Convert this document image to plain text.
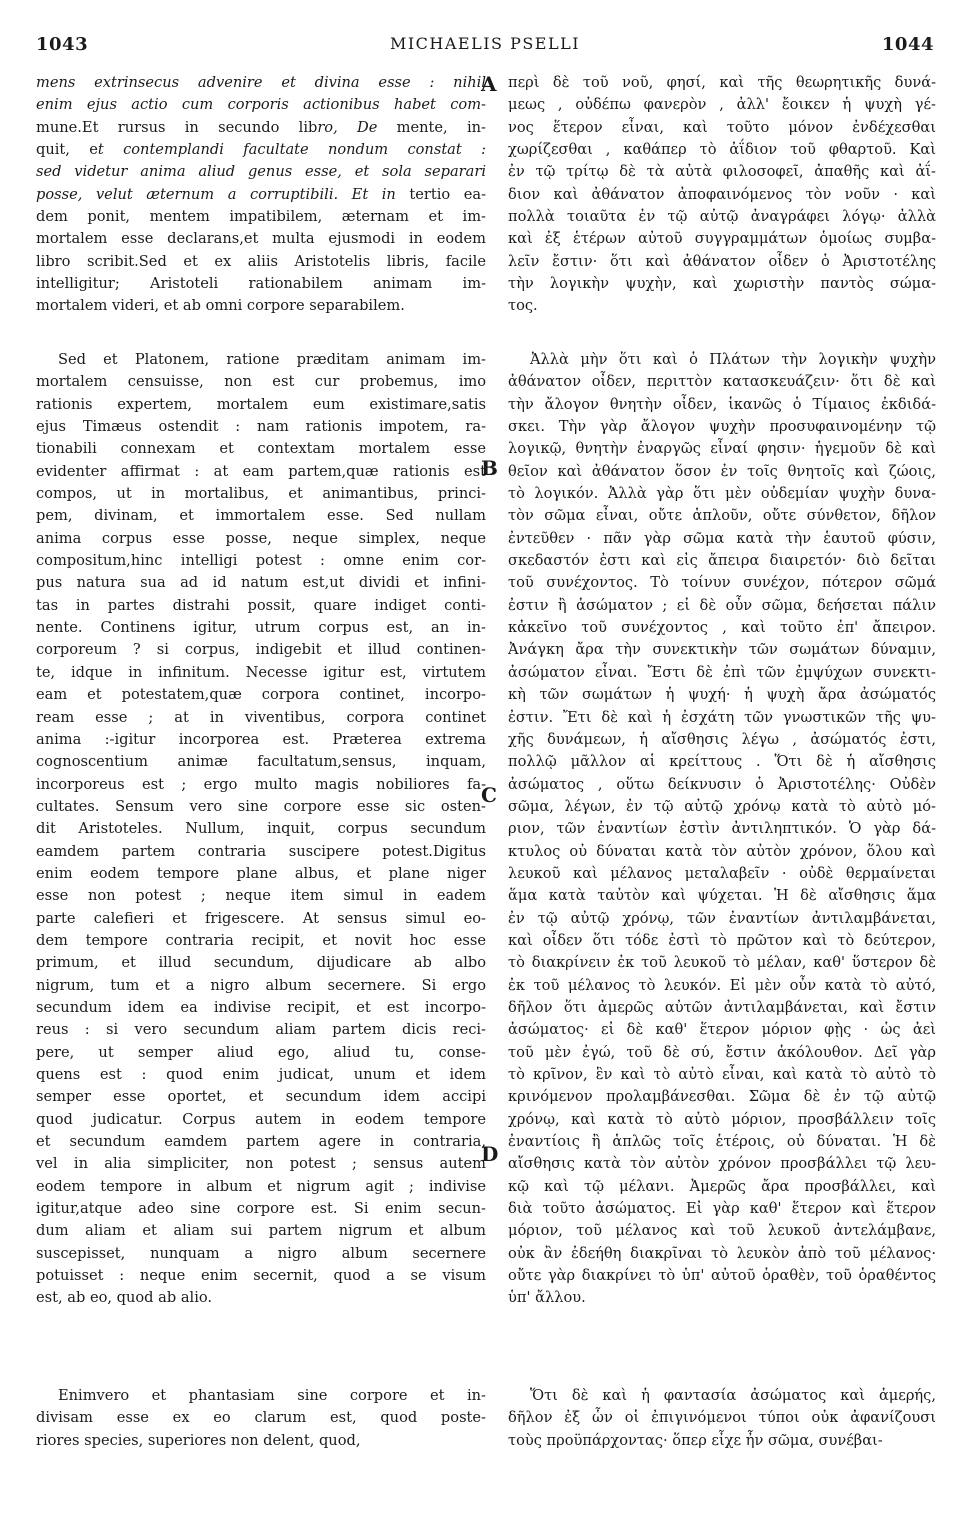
1043	MICHAELIS PSELLI	1044
A
B
C
D
mens extrinsecus advenire et divina esse : nihil
enim ejus actio cum corporis actionibus habet com-
mune.Et rursus in secundo libro, De mente, in-
quit, et contemplandi facultate nondum constat :
sed videtur anima aliud genus esse, et sola separari
posse, velut æternum a corruptibili. Et in tertio ea-
dem ponit, mentem impatibilem, æternam et im-
mortalem esse declarans,et multa ejusmodi in eodem
libro scribit.Sed et ex aliis Aristotelis libris, facile
intelligitur; Aristoteli rationabilem animam im-
mortalem videri, et ab omni corpore separabilem.
περὶ δὲ τοῦ νοῦ, φησί, καὶ τῆς θεωρητικῆς δυνά-
μεως , οὐδέπω φανερὸν , ἀλλ' ἔοικεν ἡ ψυχὴ γέ-
νος ἕτερον εἶναι, καὶ τοῦτο μόνον ἐνδέχεσθαι
χωρίζεσθαι , καθάπερ τὸ ἀΐδιον τοῦ φθαρτοῦ. Καὶ
ἐν τῷ τρίτῳ δὲ τὰ αὐτὰ φιλοσοφεῖ, ἀπαθῆς καὶ ἀΐ-
διον καὶ ἀθάνατον ἀποφαινόμενος τὸν νοῦν · καὶ
πολλὰ τοιαῦτα ἐν τῷ αὐτῷ ἀναγράφει λόγῳ· ἀλλὰ
καὶ ἐξ ἑτέρων αὐτοῦ συγγραμμάτων ὁμοίως συμβα-
λεῖν ἔστιν· ὅτι καὶ ἀθάνατον οἶδεν ὁ Ἀριστοτέλης
τὴν λογικὴν ψυχὴν, καὶ χωριστὴν παντὸς σώμα-
τος.
Sed et Platonem, ratione præditam animam im-
mortalem censuisse, non est cur probemus, imo
rationis expertem, mortalem eum existimare,satis
ejus Timæus ostendit : nam rationis impotem, ra-
tionabili connexam et contextam mortalem esse
evidenter affirmat : at eam partem,quæ rationis est
compos, ut in mortalibus, et animantibus, princi-
pem, divinam, et immortalem esse. Sed nullam
anima corpus esse posse, neque simplex, neque
compositum,hinc intelligi potest : omne enim cor-
pus natura sua ad id natum est,ut dividi et infini-
tas in partes distrahi possit, quare indiget conti-
nente. Continens igitur, utrum corpus est, an in-
corporeum ? si corpus, indigebit et illud continen-
te, idque in infinitum. Necesse igitur est, virtutem
eam et potestatem,quæ corpora continet, incorpo-
ream esse ; at in viventibus, corpora continet
anima :-igitur incorporea est. Præterea extrema
cognoscentium animæ facultatum,sensus, inquam,
incorporeus est ; ergo multo magis nobiliores fa-
cultates. Sensum vero sine corpore esse sic osten-
dit Aristoteles. Nullum, inquit, corpus secundum
eamdem partem contraria suscipere potest.Digitus
enim eodem tempore plane albus, et plane niger
esse non potest ; neque item simul in eadem
parte calefieri et frigescere. At sensus simul eo-
dem tempore contraria recipit, et novit hoc esse
primum, et illud secundum, dijudicare ab albo
nigrum, tum et a nigro album secernere. Si ergo
secundum idem ea indivise recipit, et est incorpo-
reus : si vero secundum aliam partem dicis reci-
pere, ut semper aliud ego, aliud tu, conse-
quens est : quod enim judicat, unum et idem
semper esse oportet, et secundum idem accipi
quod judicatur. Corpus autem in eodem tempore
et secundum eamdem partem agere in contraria,
vel in alia simpliciter, non potest ; sensus autem
eodem tempore in album et nigrum agit ; indivise
igitur,atque adeo sine corpore est. Si enim secun-
dum aliam et aliam sui partem nigrum et album
suscepisset, nunquam a nigro album secernere
potuisset : neque enim secernit, quod a se visum
est, ab eo, quod ab alio.
Ἀλλὰ μὴν ὅτι καὶ ὁ Πλάτων τὴν λογικὴν ψυχὴν
ἀθάνατον οἶδεν, περιττὸν κατασκευάζειν· ὅτι δὲ καὶ
τὴν ἄλογον θνητὴν οἶδεν, ἱκανῶς ὁ Τίμαιος ἐκδιδά-
σκει. Τὴν γὰρ ἄλογον ψυχὴν προσυφαινομένην τῷ
λογικῷ, θνητὴν ἐναργῶς εἶναί φησιν· ἡγεμοῦν δὲ καὶ
θεῖον καὶ ἀθάνατον ὅσον ἐν τοῖς θνητοῖς καὶ ζώοις,
τὸ λογικόν. Ἀλλὰ γὰρ ὅτι μὲν οὐδεμίαν ψυχὴν δυνα-
τὸν σῶμα εἶναι, οὔτε ἁπλοῦν, οὔτε σύνθετον, δῆλον
ἐντεῦθεν · πᾶν γὰρ σῶμα κατὰ τὴν ἑαυτοῦ φύσιν,
σκεδαστόν ἐστι καὶ εἰς ἄπειρα διαιρετόν· διὸ δεῖται
τοῦ συνέχοντος. Τὸ τοίνυν συνέχον, πότερον σῶμά
ἐστιν ἢ ἀσώματον ; εἰ δὲ οὖν σῶμα, δεήσεται πάλιν
κἀκεῖνο τοῦ συνέχοντος , καὶ τοῦτο ἐπ' ἄπειρον.
Ἀνάγκη ἄρα τὴν συνεκτικὴν τῶν σωμάτων δύναμιν,
ἀσώματον εἶναι. Ἔστι δὲ ἐπὶ τῶν ἐμψύχων συνεκτι-
κὴ τῶν σωμάτων ἡ ψυχή· ἡ ψυχὴ ἄρα ἀσώματός
ἐστιν. Ἔτι δὲ καὶ ἡ ἐσχάτη τῶν γνωστικῶν τῆς ψυ-
χῆς δυνάμεων, ἡ αἴσθησις λέγω , ἀσώματός ἐστι,
πολλῷ μᾶλλον αἱ κρείττους . Ὅτι δὲ ἡ αἴσθησις
ἀσώματος , οὕτω δείκνυσιν ὁ Ἀριστοτέλης· Οὐδὲν
σῶμα, λέγων, ἐν τῷ αὐτῷ χρόνῳ κατὰ τὸ αὐτὸ μό-
ριον, τῶν ἐναντίων ἐστὶν ἀντιληπτικόν. Ὁ γὰρ δά-
κτυλος οὐ δύναται κατὰ τὸν αὐτὸν χρόνον, ὅλου καὶ
λευκοῦ καὶ μέλανος μεταλαβεῖν · οὐδὲ θερμαίνεται
ἅμα κατὰ ταὐτὸν καὶ ψύχεται. Ἡ δὲ αἴσθησις ἅμα
ἐν τῷ αὐτῷ χρόνῳ, τῶν ἐναντίων ἀντιλαμβάνεται,
καὶ οἶδεν ὅτι τόδε ἐστὶ τὸ πρῶτον καὶ τὸ δεύτερον,
τὸ διακρίνειν ἐκ τοῦ λευκοῦ τὸ μέλαν, καθ' ὕστερον δὲ
ἐκ τοῦ μέλανος τὸ λευκόν. Εἰ μὲν οὖν κατὰ τὸ αὐτό,
δῆλον ὅτι ἀμερῶς αὐτῶν ἀντιλαμβάνεται, καὶ ἔστιν
ἀσώματος· εἰ δὲ καθ' ἕτερον μόριον φῂς · ὡς ἀεὶ
τοῦ μὲν ἐγώ, τοῦ δὲ σύ, ἔστιν ἀκόλουθον. Δεῖ γὰρ
τὸ κρῖνον, ἓν καὶ τὸ αὐτὸ εἶναι, καὶ κατὰ τὸ αὐτὸ τὸ
κρινόμενον προλαμβάνεσθαι. Σῶμα δὲ ἐν τῷ αὐτῷ
χρόνῳ, καὶ κατὰ τὸ αὐτὸ μόριον, προσβάλλειν τοῖς
ἐναντίοις ἢ ἁπλῶς τοῖς ἑτέροις, οὐ δύναται. Ἡ δὲ
αἴσθησις κατὰ τὸν αὐτὸν χρόνον προσβάλλει τῷ λευ-
κῷ καὶ τῷ μέλανι. Ἀμερῶς ἄρα προσβάλλει, καὶ
διὰ τοῦτο ἀσώματος. Εἰ γὰρ καθ' ἕτερον καὶ ἕτερον
μόριον, τοῦ μέλανος καὶ τοῦ λευκοῦ ἀντελάμβανε,
οὐκ ἂν ἐδεήθη διακρῖναι τὸ λευκὸν ἀπὸ τοῦ μέλανος·
οὔτε γὰρ διακρίνει τὸ ὑπ' αὐτοῦ ὁραθὲν, τοῦ ὁραθέντος
ὑπ' ἄλλου.
Enimvero et phantasiam sine corpore et in-
divisam esse ex eo clarum est, quod poste-
riores species, superiores non delent, quod,
Ὅτι δὲ καὶ ἡ φαντασία ἀσώματος καὶ ἀμερής,
δῆλον ἐξ ὧν οἱ ἐπιγινόμενοι τύποι οὐκ ἀφανίζουσι
τοὺς προϋπάρχοντας· ὅπερ εἶχε ἦν σῶμα, συνέβαι-
